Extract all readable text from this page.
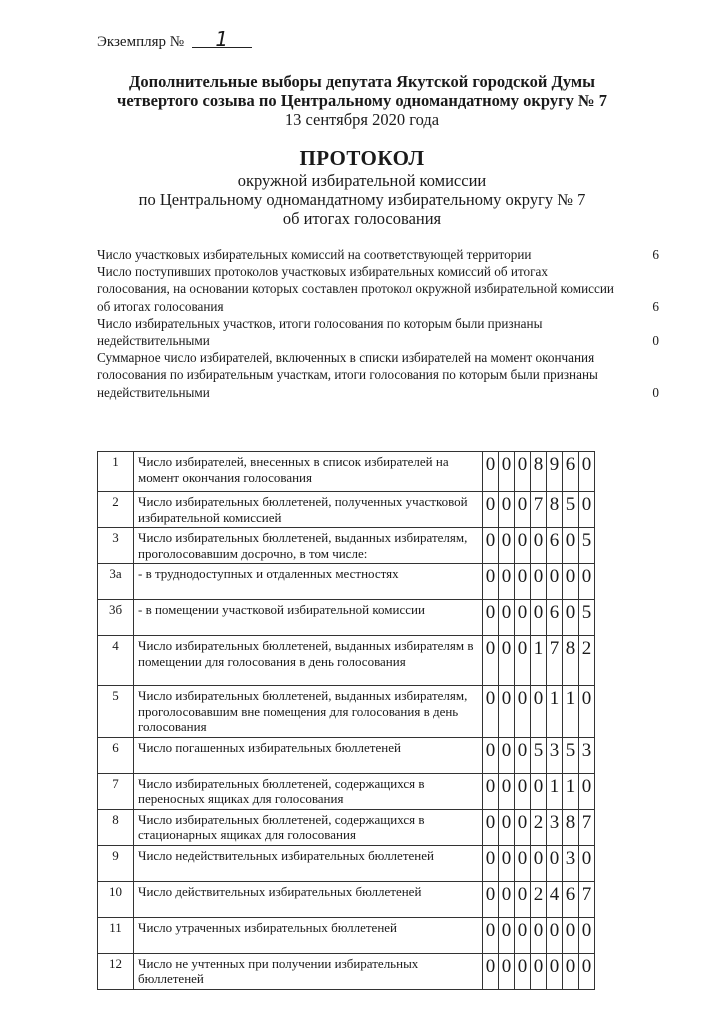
Экземпляр № 1
Дополнительные выборы депутата Якутской городской Думы
четвертого созыва по Центральному одномандатному округу № 7
13 сентября 2020 года
ПРОТОКОЛ
окружной избирательной комиссии
по Центральному одномандатному избирательному округу № 7
об итогах голосования
Число участковых избирательных комиссий на соответствующей территории	6
Число поступивших протоколов участковых избирательных комиссий об итогах голосования, на основании которых составлен протокол окружной избирательной комиссии об итогах голосования	6
Число избирательных участков, итоги голосования по которым были признаны недействительными	0
Суммарное число избирателей, включенных в списки избирателей на момент окончания голосования по избирательным участкам, итоги голосования по которым были признаны недействительными	0
1	Число избирателей, внесенных в список избирателей на момент окончания голосования	0	0	0	8	9	6	0
2	Число избирательных бюллетеней, полученных участковой избирательной комиссией	0	0	0	7	8	5	0
3	Число избирательных бюллетеней, выданных избирателям, проголосовавшим досрочно, в том числе:	0	0	0	0	6	0	5
3а	- в труднодоступных и отдаленных местностях	0	0	0	0	0	0	0
3б	- в помещении участковой избирательной комиссии	0	0	0	0	6	0	5
4	Число избирательных бюллетеней, выданных избирателям в помещении для голосования в день голосования	0	0	0	1	7	8	2
5	Число избирательных бюллетеней, выданных избирателям, проголосовавшим вне помещения для голосования в день голосования	0	0	0	0	1	1	0
6	Число погашенных избирательных бюллетеней	0	0	0	5	3	5	3
7	Число избирательных бюллетеней, содержащихся в переносных ящиках для голосования	0	0	0	0	1	1	0
8	Число избирательных бюллетеней, содержащихся в стационарных ящиках для голосования	0	0	0	2	3	8	7
9	Число недействительных избирательных бюллетеней	0	0	0	0	0	3	0
10	Число действительных избирательных бюллетеней	0	0	0	2	4	6	7
11	Число утраченных избирательных бюллетеней	0	0	0	0	0	0	0
12	Число не учтенных при получении избирательных бюллетеней	0	0	0	0	0	0	0
